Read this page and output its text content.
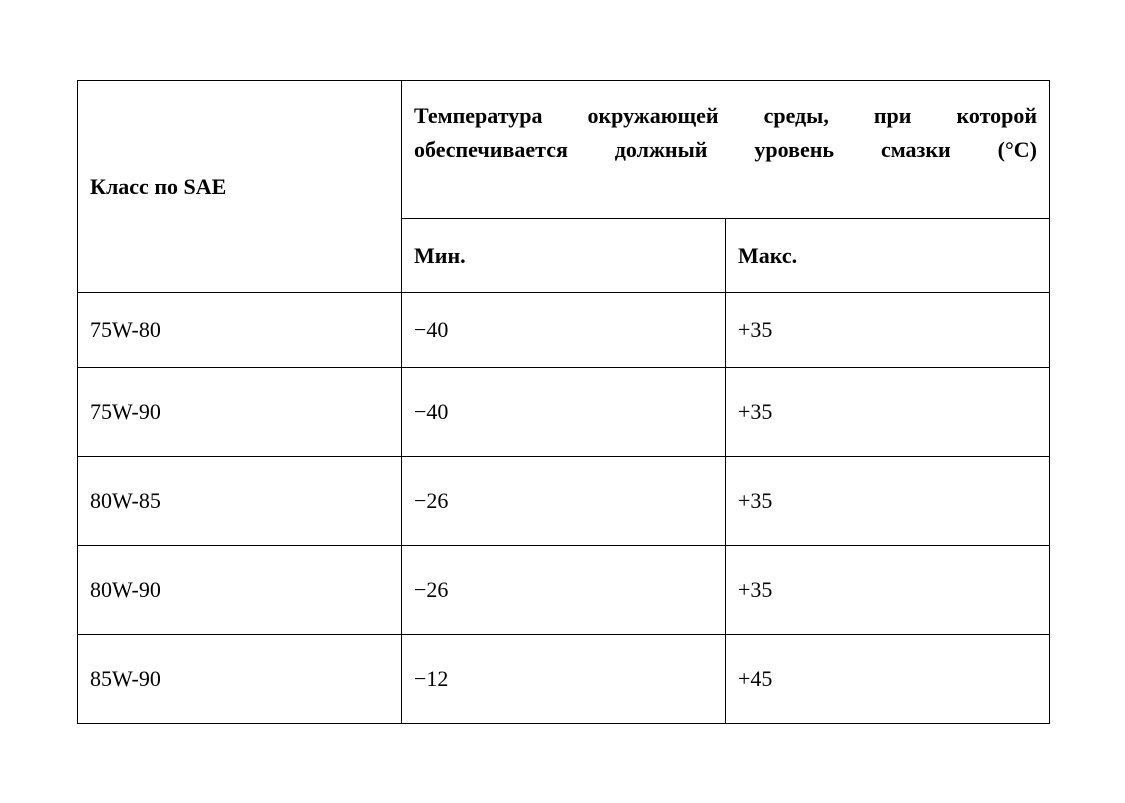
Класс по SAE	Температура окружающей среды, при которой обеспечивается должный уровень смазки (°C)	

	Мин.	Макс.
75W-80	−40	+35
75W-90	−40	+35
80W-85	−26	+35
80W-90	−26	+35
85W-90	−12	+45
